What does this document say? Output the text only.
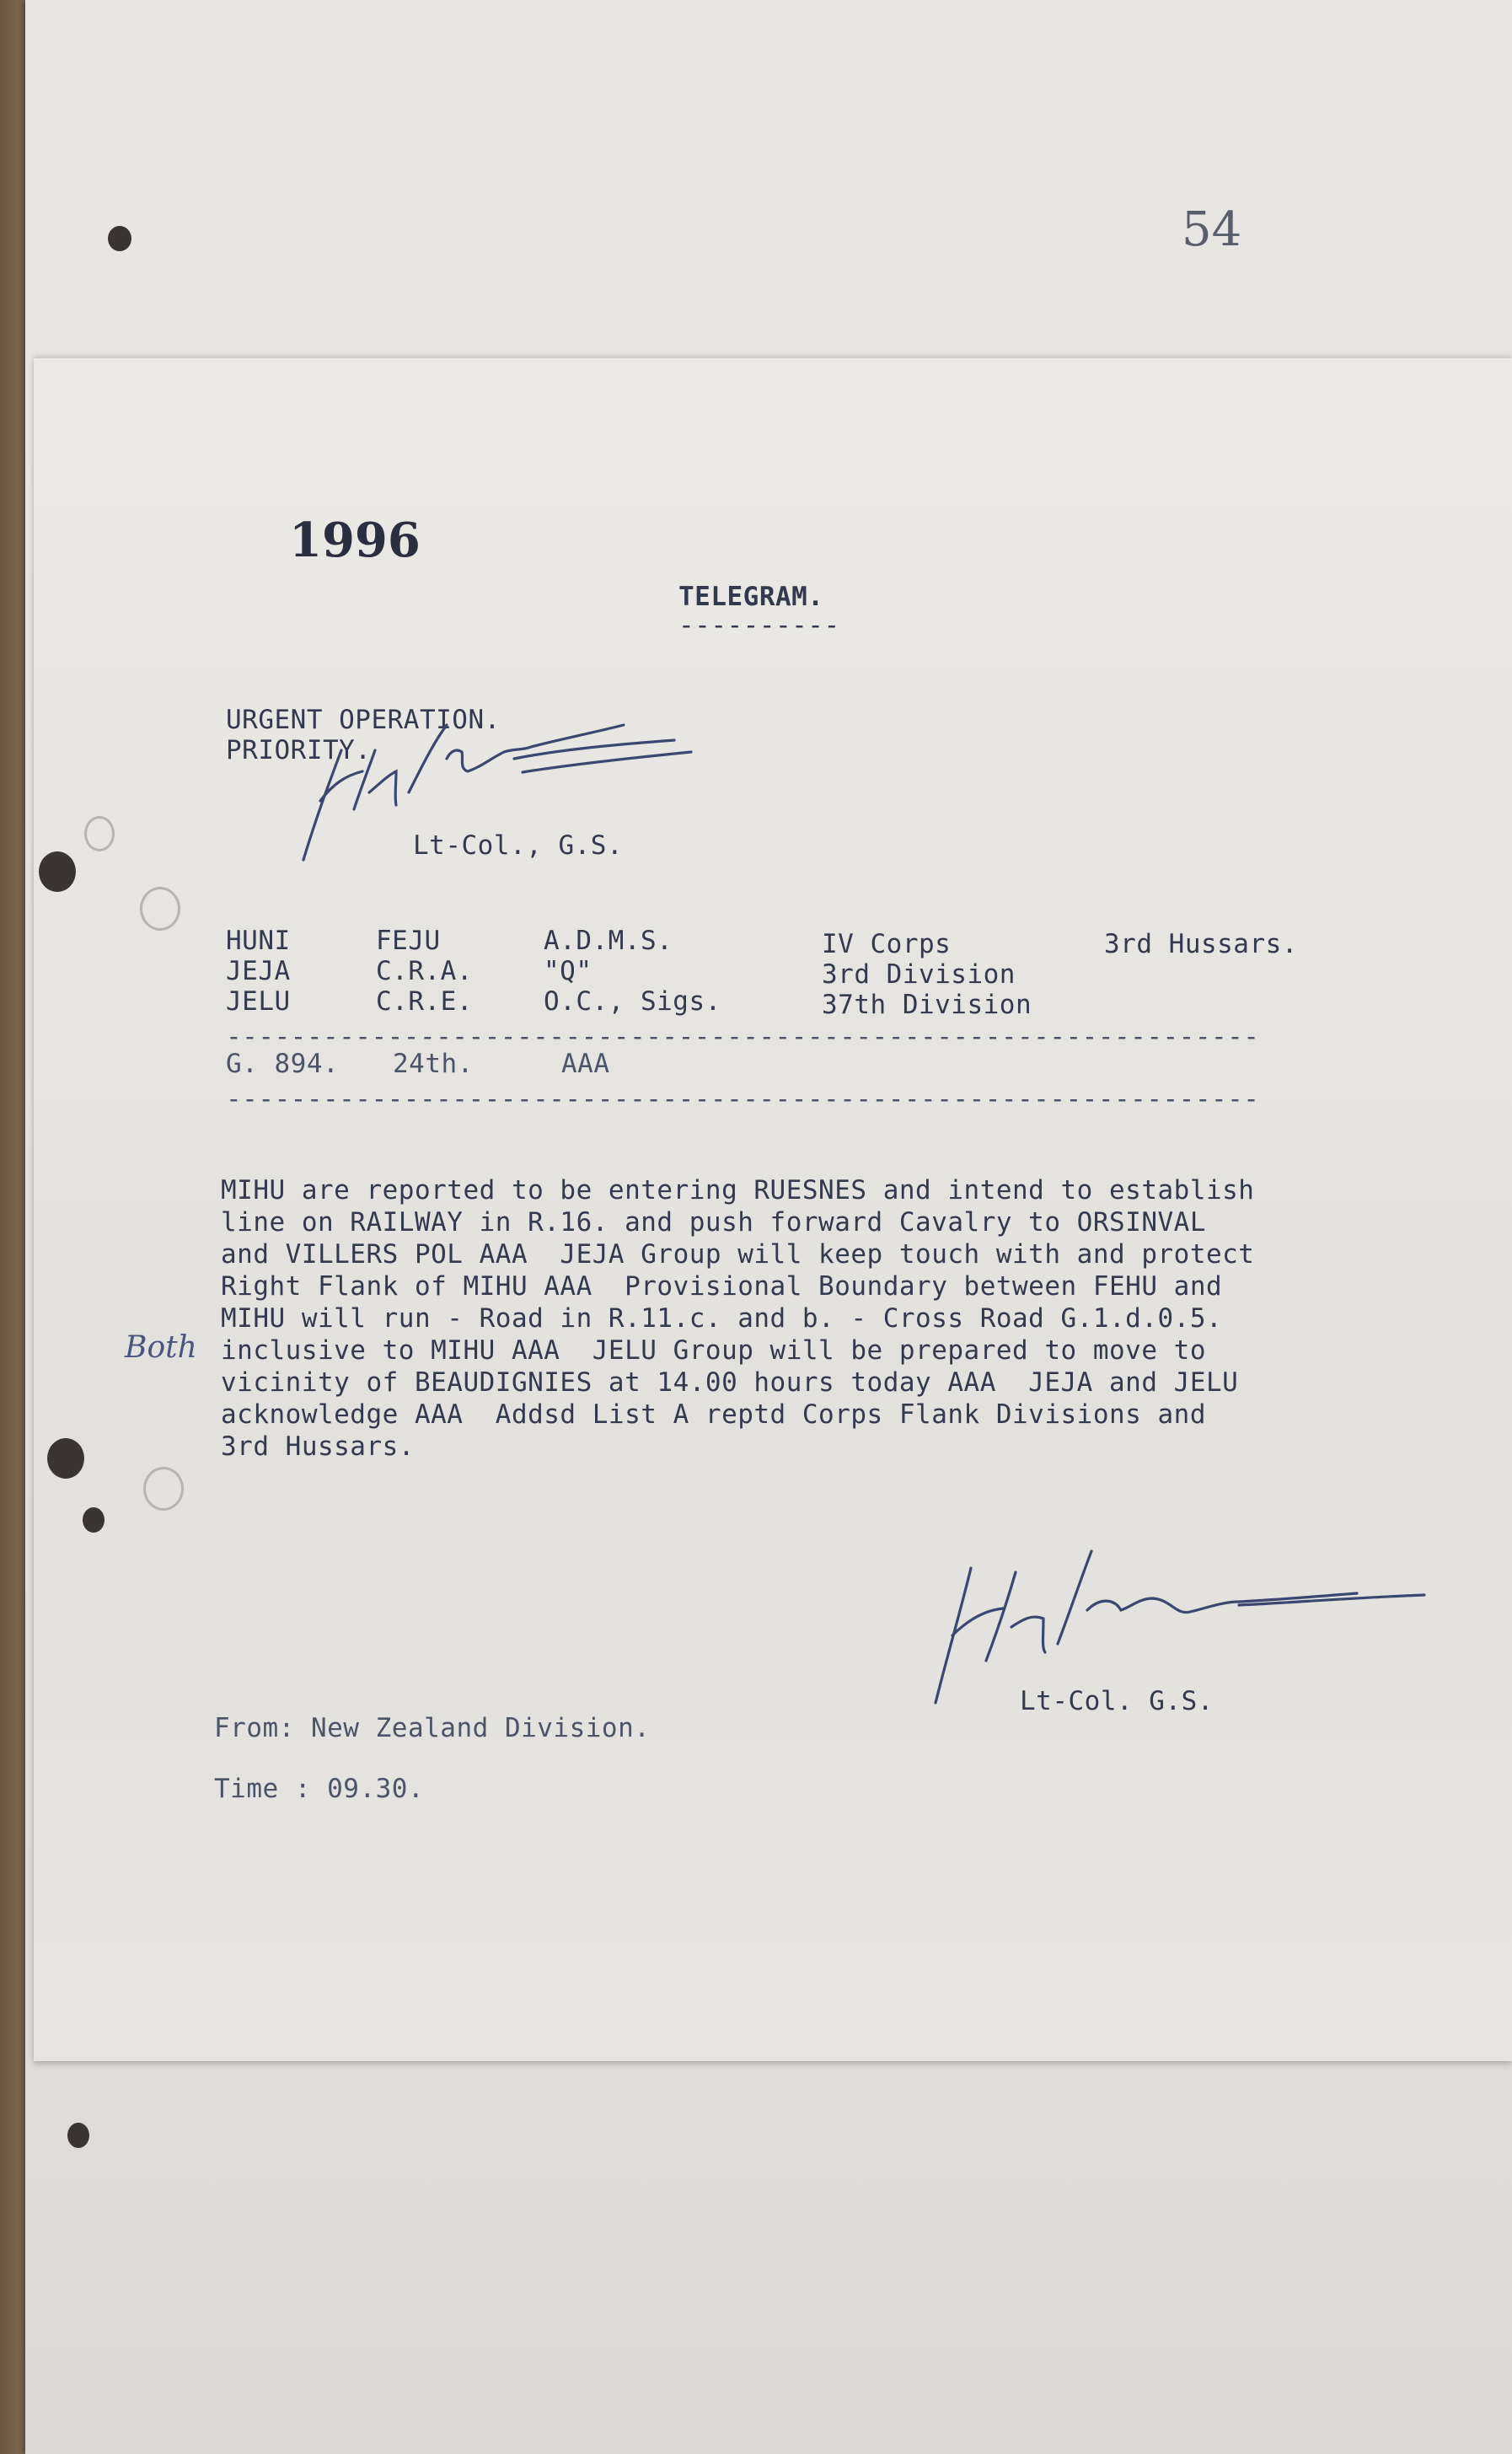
54
1996
TELEGRAM.
----------
URGENT OPERATION.
PRIORITY.
Lt-Col., G.S.
HUNI
JEJA
JELU
FEJU
C.R.A.
C.R.E.
A.D.M.S.
"Q"
O.C., Sigs.
IV Corps
3rd Division
37th Division
3rd Hussars.
----------------------------------------------------------------
G. 894. 24th.	AAA
----------------------------------------------------------------
MIHU are reported to be entering RUESNES and intend to establish
line on RAILWAY in R.16. and push forward Cavalry to ORSINVAL
and VILLERS POL AAA  JEJA Group will keep touch with and protect
Right Flank of MIHU AAA  Provisional Boundary between FEHU and
MIHU will run - Road in R.11.c. and b. - Cross Road G.1.d.0.5.
inclusive to MIHU AAA  JELU Group will be prepared to move to
vicinity of BEAUDIGNIES at 14.00 hours today AAA  JEJA and JELU
acknowledge AAA  Addsd List A reptd Corps Flank Divisions and
3rd Hussars.
Both
Lt-Col. G.S.
From: New Zealand Division.
Time : 09.30.
